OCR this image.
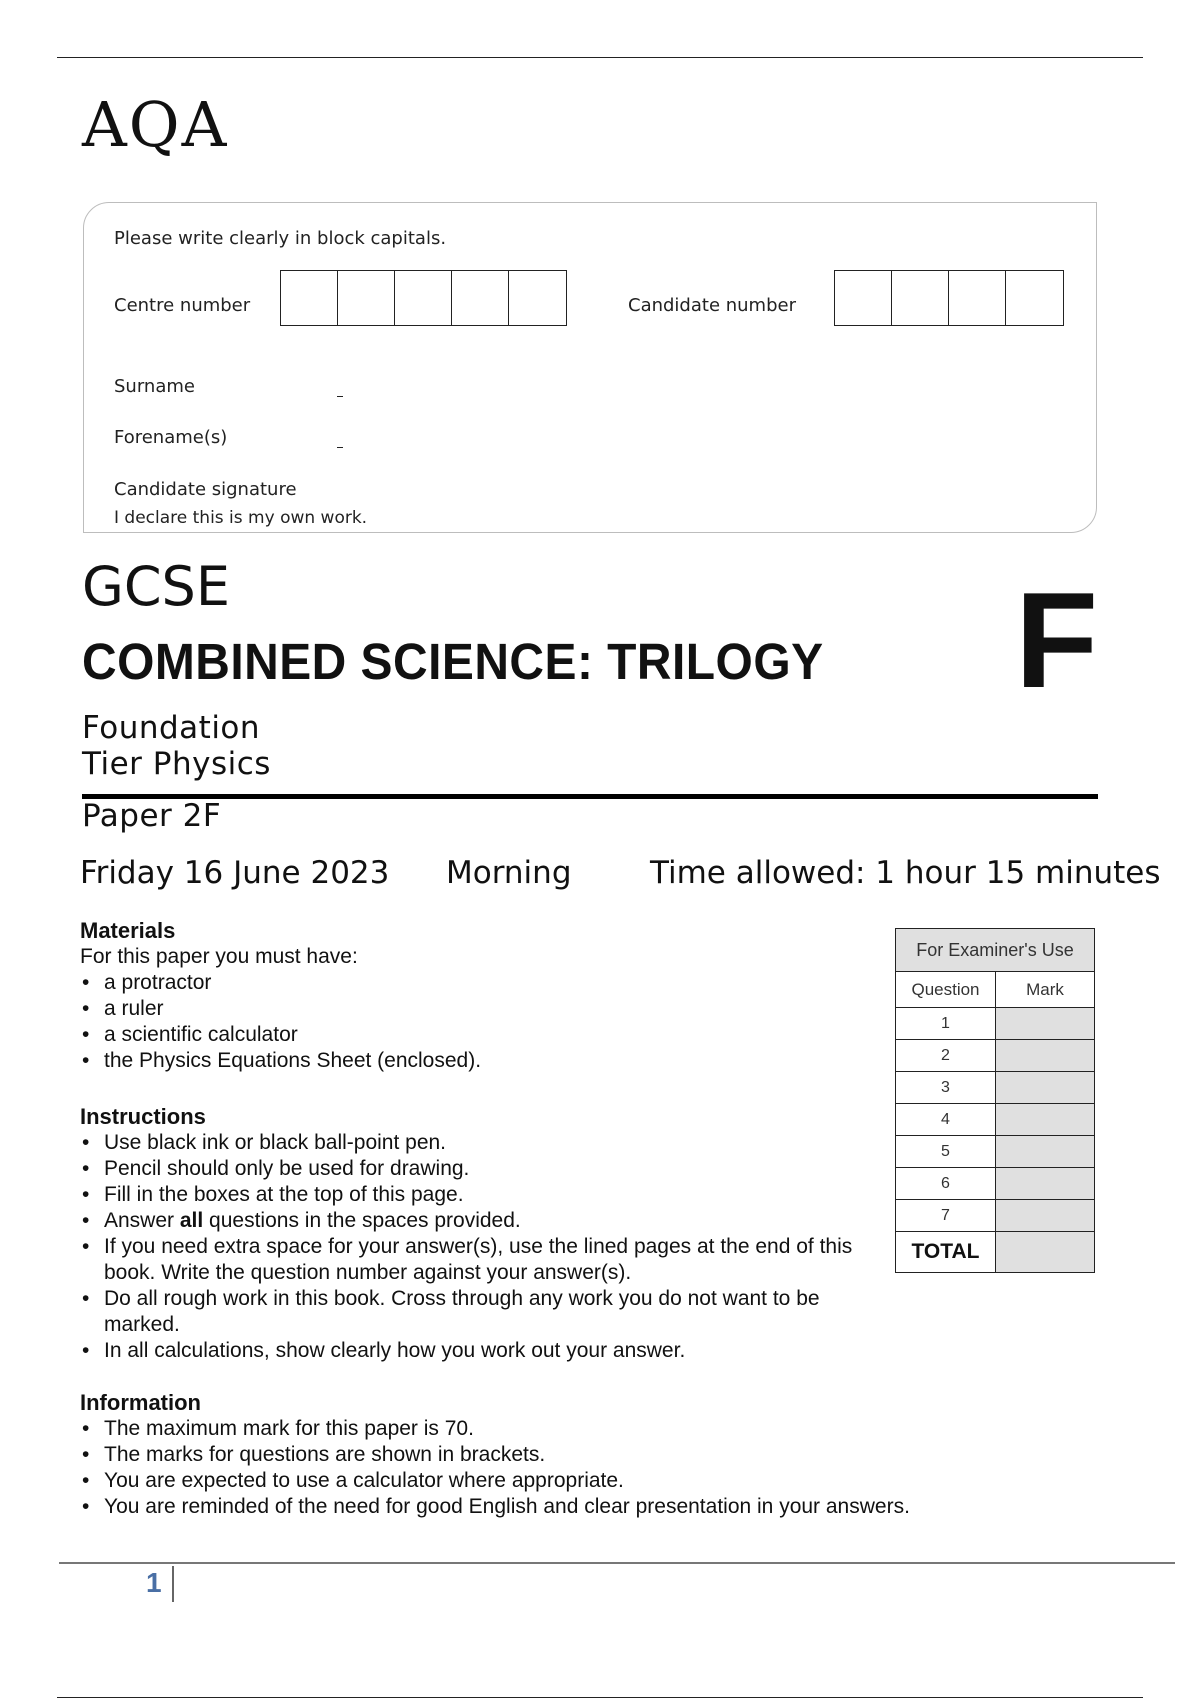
AQA
Please write clearly in block capitals.
Centre number	Candidate number
Surname
Forename(s)
Candidate signature
I declare this is my own work.
GCSE
COMBINED SCIENCE: TRILOGY F
Foundation
Tier Physics
Paper 2F
Friday 16 June 2023 Morning	Time allowed: 1 hour 15 minutes
Materials

For this paper you must have:

• a protractor
• a ruler
• a scientific calculator
• the Physics Equations Sheet (enclosed).
Instructions
• Use black ink or black ball-point pen.
• Pencil should only be used for drawing.
• Fill in the boxes at the top of this page.
• Answer all questions in the spaces provided.
• If you need extra space for your answer(s), use the lined pages at the end of this book. Write the question number against your answer(s).
• Do all rough work in this book. Cross through any work you do not want to be marked.
• In all calculations, show clearly how you work out your answer.
Information
• The maximum mark for this paper is 70.
• The marks for questions are shown in brackets.
• You are expected to use a calculator where appropriate.
• You are reminded of the need for good English and clear presentation in your answers.
For Examiner's Use	
Question	Mark
1	
2	
3	
4	
5	
6	
7	
TOTAL	
1
